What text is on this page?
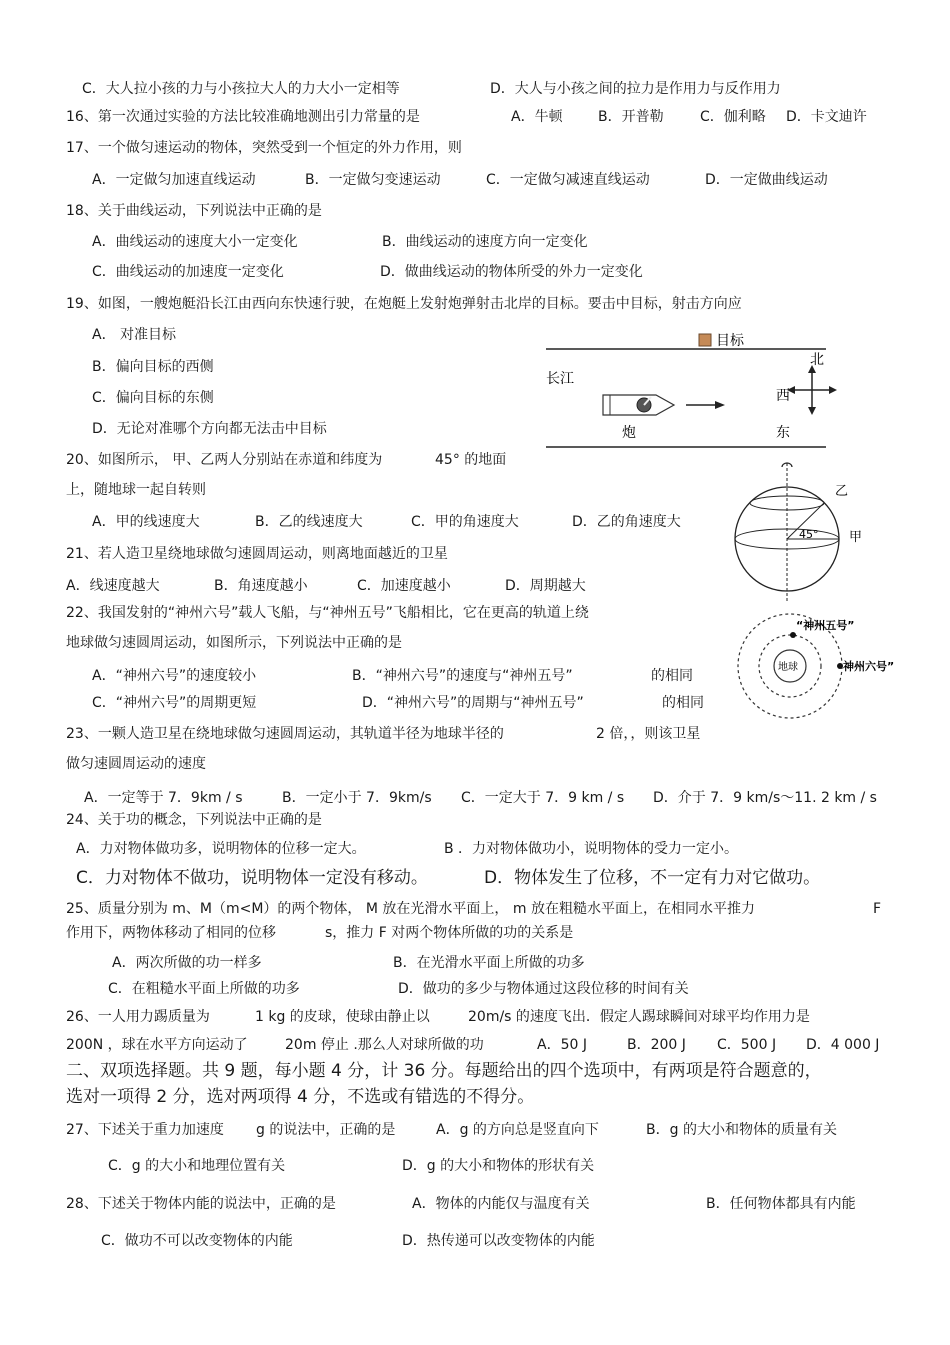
C．大人拉小孩的力与小孩拉大人的力大小一定相等	D．大人与小孩之间的拉力是作用力与反作用力
16、第一次通过实验的方法比较准确地测出引力常量的是	A．牛顿	B．开普勒	C．伽利略 D．卡文迪许
17、一个做匀速运动的物体，突然受到一个恒定的外力作用，则
A．一定做匀加速直线运动	B．一定做匀变速运动	C．一定做匀减速直线运动	D．一定做曲线运动
18、关于曲线运动，下列说法中正确的是
A．曲线运动的速度大小一定变化	B．曲线运动的速度方向一定变化
C．曲线运动的加速度一定变化	D．做曲线运动的物体所受的外力一定变化
19、如图，一艘炮艇沿长江由西向东快速行驶，在炮艇上发射炮弹射击北岸的目标。要击中目标，射击方向应
A． 对准目标
B．偏向目标的西侧
C．偏向目标的东侧
D．无论对准哪个方向都无法击中目标
20、如图所示， 甲、乙两人分别站在赤道和纬度为	45° 的地面
上，随地球一起自转则
A．甲的线速度大	B．乙的线速度大	C．甲的角速度大	D．乙的角速度大
21、若人造卫星绕地球做匀速圆周运动，则离地面越近的卫星
A．线速度越大	B．角速度越小	C．加速度越小	D．周期越大
22、我国发射的“神州六号”载人飞船，与“神州五号”飞船相比，它在更高的轨道上绕
地球做匀速圆周运动，如图所示，下列说法中正确的是
A．“神州六号”的速度较小	B．“神州六号”的速度与“神州五号”	的相同
C．“神州六号”的周期更短	D．“神州六号”的周期与“神州五号”	的相同
23、一颗人造卫星在绕地球做匀速圆周运动，其轨道半径为地球半径的	2 倍，，则该卫星
做匀速圆周运动的速度
A．一定等于 7．9km / s	B．一定小于 7．9km/s C．一定大于 7．9 km / s D．介于 7．9 km/s～11. 2 km / s
24、关于功的概念，下列说法中正确的是
A．力对物体做功多，说明物体的位移一定大。	B ．力对物体做功小，说明物体的受力一定小。
C．力对物体不做功，说明物体一定没有移动。	D．物体发生了位移，不一定有力对它做功。
25、质量分别为 m、M（m<M）的两个物体， M 放在光滑水平面上， m 放在粗糙水平面上，在相同水平推力	F
作用下，两物体移动了相同的位移	s，推力 F 对两个物体所做的功的关系是
A．两次所做的功一样多	B．在光滑水平面上所做的功多
C．在粗糙水平面上所做的功多	D．做功的多少与物体通过这段位移的时间有关
26、一人用力踢质量为	1 kg 的皮球，使球由静止以	20m/s 的速度飞出．假定人踢球瞬间对球平均作用力是
200N ，球在水平方向运动了	20m 停止 .那么人对球所做的功	A．50 J	B．200 J C．500 J D．4 000 J
二、双项选择题。共 9 题，每小题 4 分，计 36 分。每题给出的四个选项中，有两项是符合题意的，
选对一项得 2 分，选对两项得 4 分，不选或有错选的不得分。
27、下述关于重力加速度 g 的说法中，正确的是	A．g 的方向总是竖直向下	B．g 的大小和物体的质量有关
C．g 的大小和地理位置有关	D．g 的大小和物体的形状有关
28、下述关于物体内能的说法中，正确的是	A．物体的内能仅与温度有关	B．任何物体都具有内能
C．做功不可以改变物体的内能	D．热传递可以改变物体的内能
目标
长江
炮
北
西
东
45°
乙
甲
地球
“神州五号”
神州六号”
